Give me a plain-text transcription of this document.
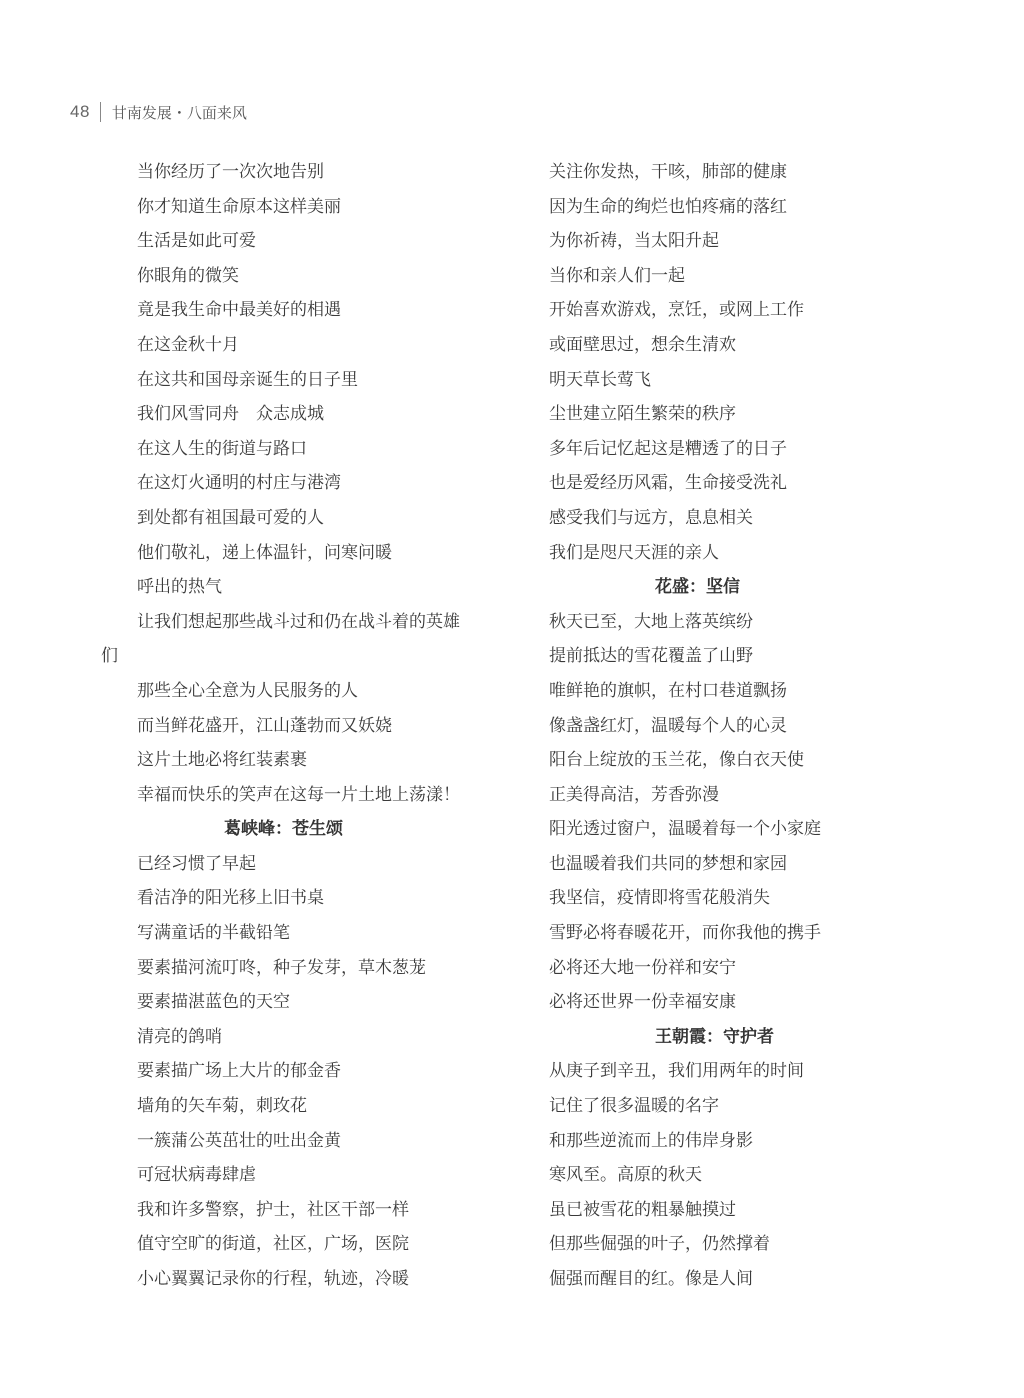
48 甘南发展・八面来风
当你经历了一次次地告别
你才知道生命原本这样美丽
生活是如此可爱
你眼角的微笑
竟是我生命中最美好的相遇
在这金秋十月
在这共和国母亲诞生的日子里
我们风雪同舟　众志成城
在这人生的街道与路口
在这灯火通明的村庄与港湾
到处都有祖国最可爱的人
他们敬礼，递上体温针，问寒问暖
呼出的热气
让我们想起那些战斗过和仍在战斗着的英雄
们
那些全心全意为人民服务的人
而当鲜花盛开，江山蓬勃而又妖娆
这片土地必将红装素裹
幸福而快乐的笑声在这每一片土地上荡漾！
葛峡峰：苍生颂
已经习惯了早起
看洁净的阳光移上旧书桌
写满童话的半截铅笔
要素描河流叮咚，种子发芽，草木葱茏
要素描湛蓝色的天空
清亮的鸽哨
要素描广场上大片的郁金香
墙角的矢车菊，刺玫花
一簇蒲公英茁壮的吐出金黄
可冠状病毒肆虐
我和许多警察，护士，社区干部一样
值守空旷的街道，社区，广场，医院
小心翼翼记录你的行程，轨迹，冷暖
关注你发热，干咳，肺部的健康
因为生命的绚烂也怕疼痛的落红
为你祈祷，当太阳升起
当你和亲人们一起
开始喜欢游戏，烹饪，或网上工作
或面壁思过，想余生清欢
明天草长莺飞
尘世建立陌生繁荣的秩序
多年后记忆起这是糟透了的日子
也是爱经历风霜，生命接受洗礼
感受我们与远方，息息相关
我们是咫尺天涯的亲人
花盛：坚信
秋天已至，大地上落英缤纷
提前抵达的雪花覆盖了山野
唯鲜艳的旗帜，在村口巷道飘扬
像盏盏红灯，温暖每个人的心灵
阳台上绽放的玉兰花，像白衣天使
正美得高洁，芳香弥漫
阳光透过窗户，温暖着每一个小家庭
也温暖着我们共同的梦想和家园
我坚信，疫情即将雪花般消失
雪野必将春暖花开，而你我他的携手
必将还大地一份祥和安宁
必将还世界一份幸福安康
王朝霞：守护者
从庚子到辛丑，我们用两年的时间
记住了很多温暖的名字
和那些逆流而上的伟岸身影
寒风至。高原的秋天
虽已被雪花的粗暴触摸过
但那些倔强的叶子，仍然撑着
倔强而醒目的红。像是人间
